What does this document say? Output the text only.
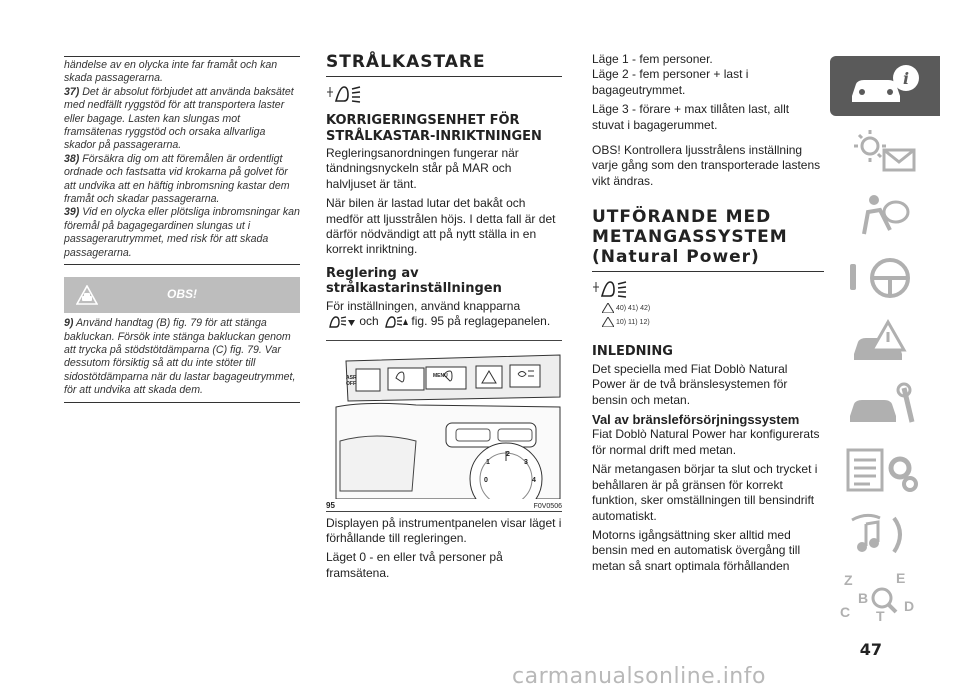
händelse av en olycka inte far framåt och kan skada passagerarna.

37) Det är absolut förbjudet att använda baksätet med nedfällt ryggstöd för att transportera laster eller bagage. Lasten kan slungas mot framsätenas ryggstöd och orsaka allvarliga skador på passagerarna.

38) Försäkra dig om att föremålen är ordentligt ordnade och fastsatta vid krokarna på golvet för att undvika att en häftig inbromsning kastar dem framåt och skadar passagerarna.

39) Vid en olycka eller plötsliga inbromsningar kan föremål på bagagegardinen slungas ut i passagerarutrymmet, med risk för att skada passagerarna.

OBS!

9) Använd handtag (B) fig. 79 för att stänga bakluckan. Försök inte stänga bakluckan genom att trycka på stödstötdämparna (C) fig. 79. Var dessutom försiktig så att du inte stöter till sidostötdämparna när du lastar bagageutrymmet, för att undvika att skada dem.

STRÅLKASTARE
KORRIGERINGSENHET FÖR STRÅLKASTAR-INRIKTNINGEN

Regleringsanordningen fungerar när tändningsnyckeln står på MAR och halvljuset är tänt.

När bilen är lastad lutar det bakåt och medför att ljusstrålen höjs. I detta fall är det därför nödvändigt att på nytt ställa in en korrekt inriktning.

Reglering av strålkastarinställningen

För inställningen, använd knapparna
och	fig. 95 på reglagepanelen.

ASR
OFF
MENU
0
1
2
3
4
95	F0V0506

Displayen på instrumentpanelen visar läget i förhållande till regleringen.

Läget 0 - en eller två personer på framsätena.

Läge 1 - fem personer.

Läge 2 - fem personer + last i bagageutrymmet.

Läge 3 - förare + max tillåten last, allt stuvat i bagagerummet.

OBS! Kontrollera ljusstrålens inställning varje gång som den transporterade lastens vikt ändras.

UTFÖRANDE MED METANGASSYSTEM (Natural Power)
40) 41) 42)
10) 11) 12)
INLEDNING

Det speciella med Fiat Doblò Natural Power är de två bränslesystemen för bensin och metan.

Val av bränsleförsörjningssystem

Fiat Doblò Natural Power har konfigurerats för normal drift med metan.

När metangasen börjar ta slut och trycket i behållaren är på gränsen för korrekt funktion, sker omställningen till bensindrift automatiskt.

Motorns igångsättning sker alltid med bensin med en automatisk övergång till metan så snart optimala förhållanden

i
Z	E
B
C T
D
47
carmanualsonline.info
